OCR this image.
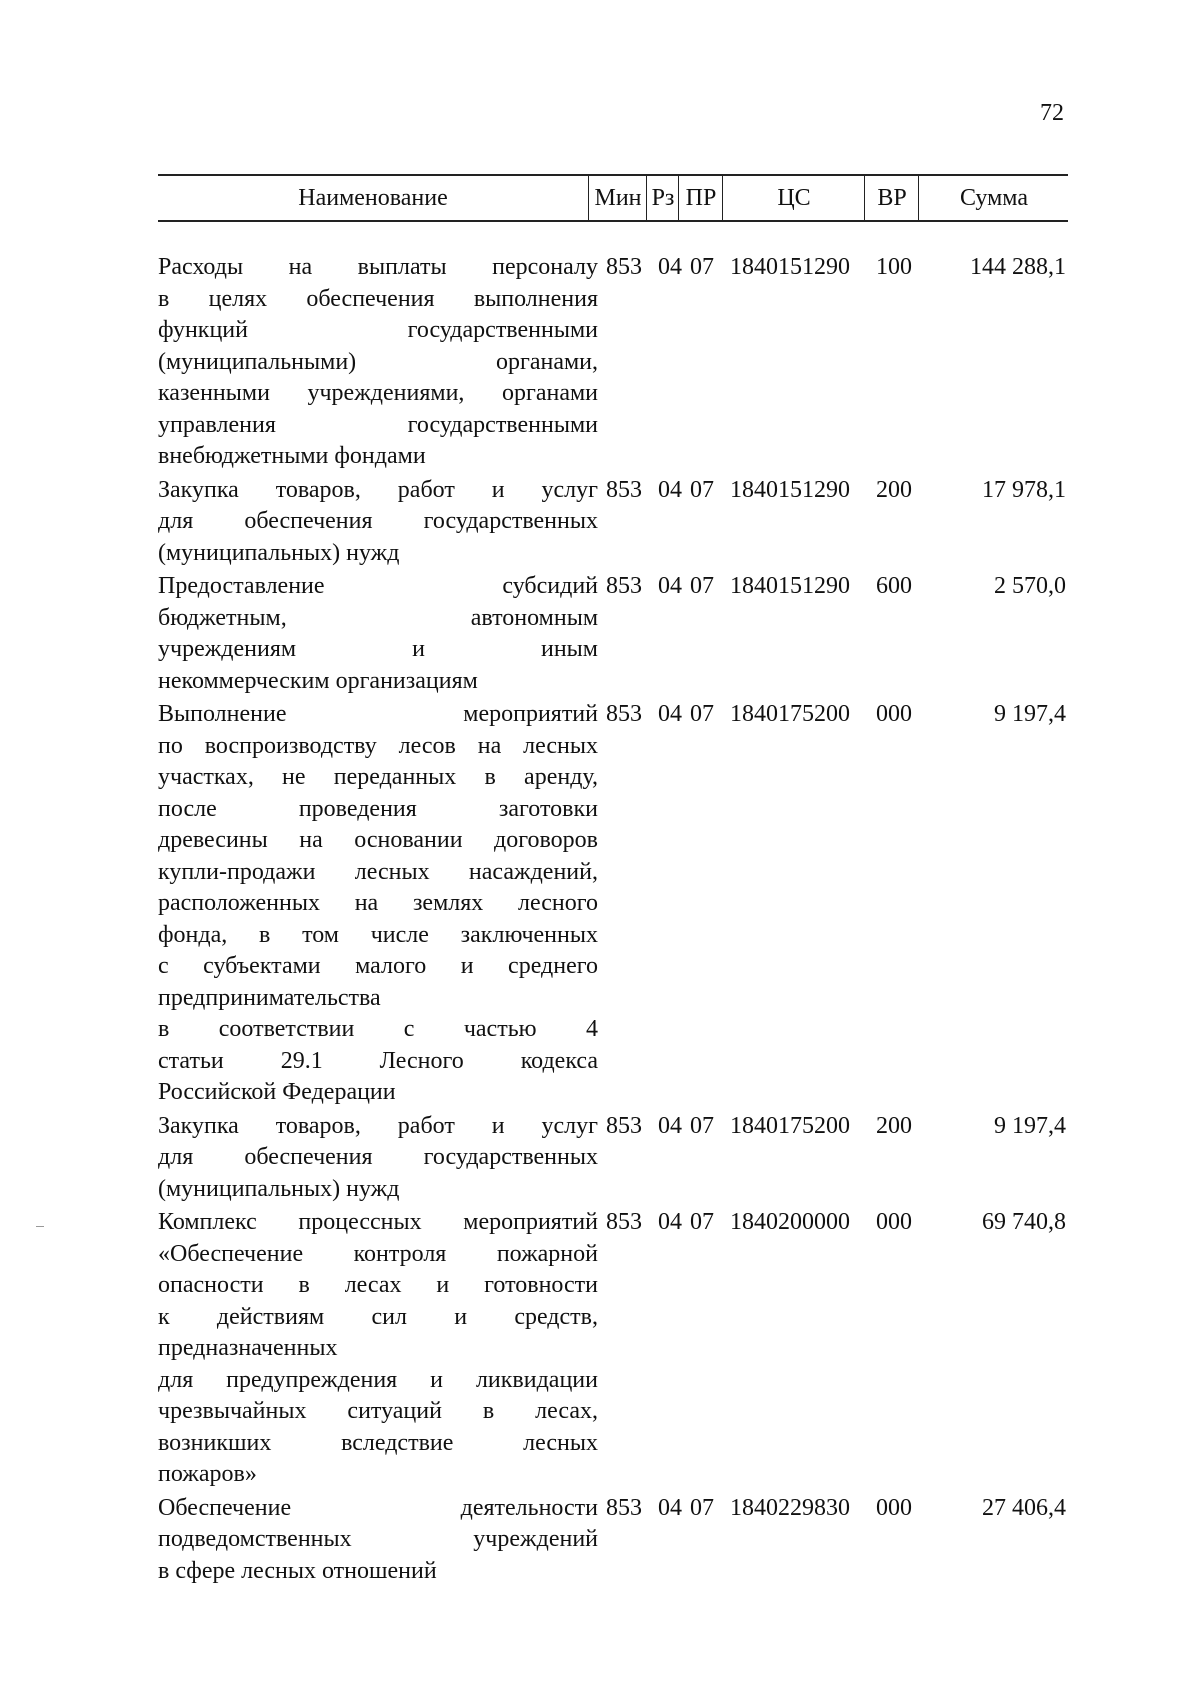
72
Наименование	Мин Рз ПР	ЦС	ВР	Сумма
Расходы на выплаты персоналу
в целях обеспечения выполнения
функций государственными
(муниципальными) органами,
казенными учреждениями, органами
управления государственными
внебюджетными фондами
853 04 07 1840151290 100	144 288,1
Закупка товаров, работ и услуг
для обеспечения государственных
(муниципальных) нужд
853 04 07 1840151290 200	17 978,1
Предоставление субсидий
бюджетным, автономным
учреждениям и иным
некоммерческим организациям
853 04 07 1840151290 600	2 570,0
Выполнение мероприятий
по воспроизводству лесов на лесных
участках, не переданных в аренду,
после проведения заготовки
древесины на основании договоров
купли-продажи лесных насаждений,
расположенных на землях лесного
фонда, в том числе заключенных
с субъектами малого и среднего
предпринимательства
в соответствии с частью 4
статьи 29.1 Лесного кодекса
Российской Федерации
853 04 07 1840175200 000	9 197,4
Закупка товаров, работ и услуг
для обеспечения государственных
(муниципальных) нужд
853 04 07 1840175200 200	9 197,4
Комплекс процессных мероприятий
«Обеспечение контроля пожарной
опасности в лесах и готовности
к действиям сил и средств,
предназначенных
для предупреждения и ликвидации
чрезвычайных ситуаций в лесах,
возникших вследствие лесных
пожаров»
853 04 07 1840200000 000	69 740,8
Обеспечение деятельности
подведомственных учреждений
в сфере лесных отношений
853 04 07 1840229830 000	27 406,4
